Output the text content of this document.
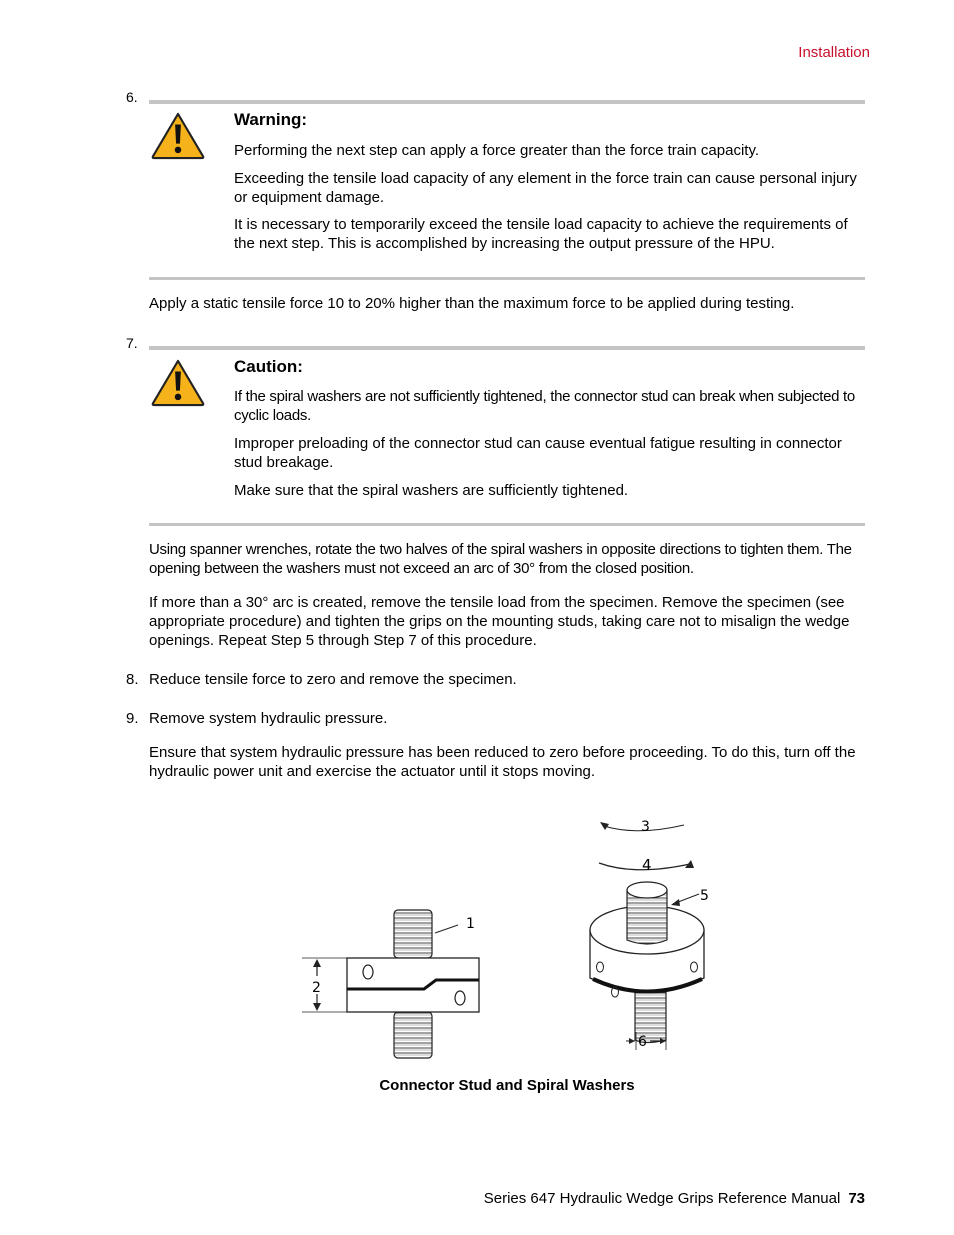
Installation
6.
Warning:
Performing the next step can apply a force greater than the force train capacity.
Exceeding the tensile load capacity of any element in the force train can cause personal injury or equipment damage.
It is necessary to temporarily exceed the tensile load capacity to achieve the requirements of the next step. This is accomplished by increasing the output pressure of the HPU.
Apply a static tensile force 10 to 20% higher than the maximum force to be applied during testing.
7.
Caution:
If the spiral washers are not sufficiently tightened, the connector stud can break when subjected to cyclic loads.
Improper preloading of the connector stud can cause eventual fatigue resulting in connector stud breakage.
Make sure that the spiral washers are sufficiently tightened.
Using spanner wrenches, rotate the two halves of the spiral washers in opposite directions to tighten them. The opening between the washers must not exceed an arc of 30° from the closed position.
If more than a 30° arc is created, remove the tensile load from the specimen. Remove the specimen (see appropriate procedure) and tighten the grips on the mounting studs, taking care not to misalign the wedge openings. Repeat Step 5 through Step 7 of this procedure.
8. Reduce tensile force to zero and remove the specimen.
9. Remove system hydraulic pressure.
Ensure that system hydraulic pressure has been reduced to zero before proceeding. To do this, turn off the hydraulic power unit and exercise the actuator until it stops moving.
1
2
3
4
5
6
Connector Stud and Spiral Washers
Series 647 Hydraulic Wedge Grips Reference Manual 73
